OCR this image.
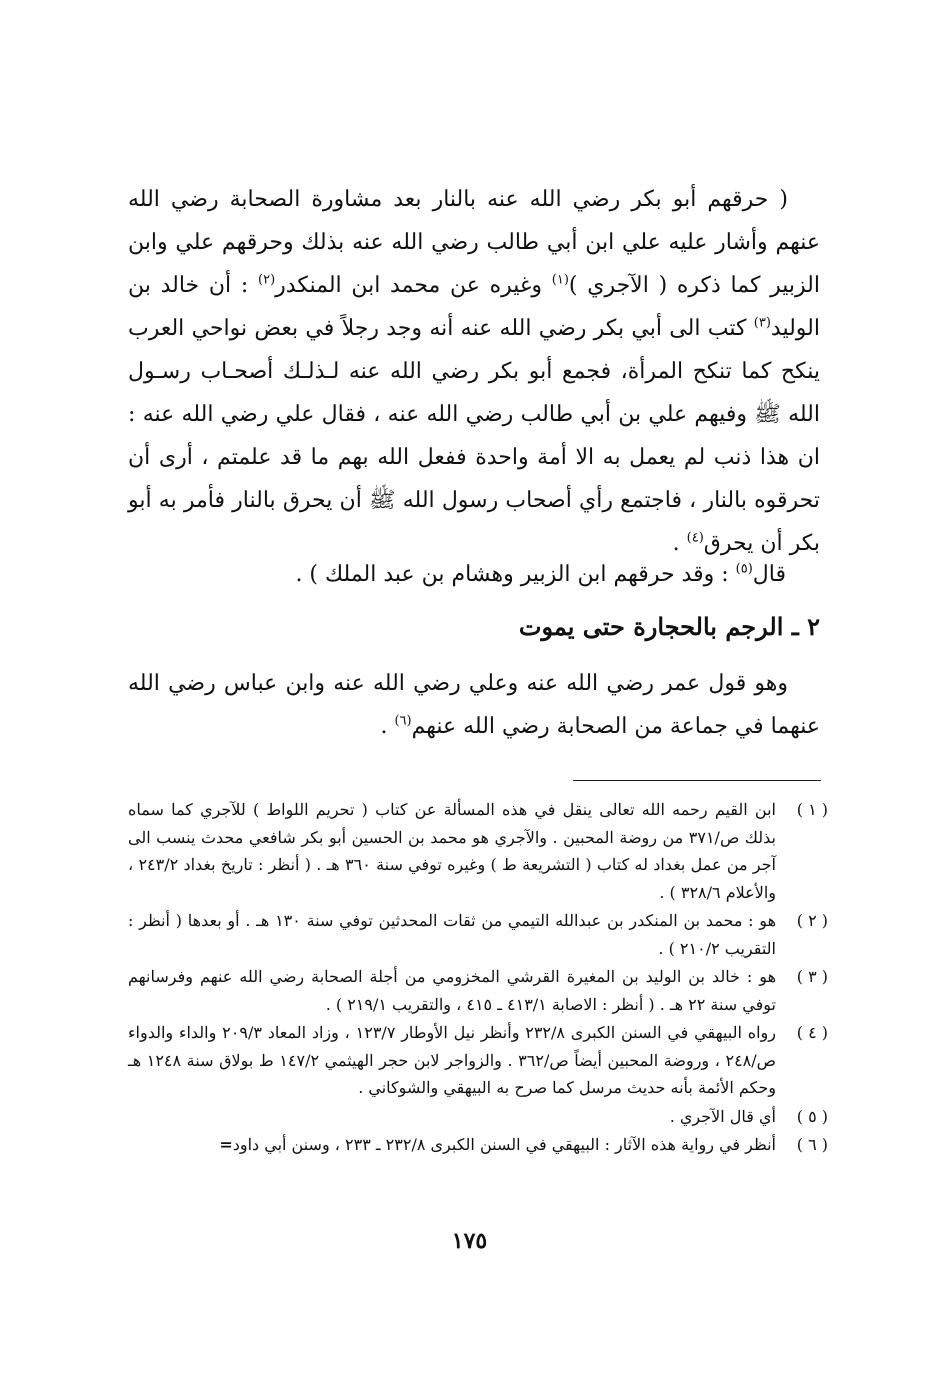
( حرقهم أبو بكر رضي الله عنه بالنار بعد مشاورة الصحابة رضي الله عنهم وأشار عليه علي ابن أبي طالب رضي الله عنه بذلك وحرقهم علي وابن الزبير كما ذكره ( الآجري )$^{(١)}$ وغيره عن محمد ابن المنكدر$^{(٢)}$ : أن خالد بن الوليد$^{(٣)}$ كتب الى أبي بكر رضي الله عنه أنه وجد رجلاً في بعض نواحي العرب ينكح كما تنكح المرأة، فجمع أبو بكر رضي الله عنه لـذلـك أصحـاب رسـول الله ﷺ وفيهم علي بن أبي طالب رضي الله عنه ، فقال علي رضي الله عنه : ان هذا ذنب لم يعمل به الا أمة واحدة ففعل الله بهم ما قد علمتم ، أرى أن تحرقوه بالنار ، فاجتمع رأي أصحاب رسول الله ﷺ أن يحرق بالنار فأمر به أبو بكر أن يحرق$^{(٤)}$ .

قال$^{(٥)}$ : وقد حرقهم ابن الزبير وهشام بن عبد الملك ) .

٢ ـ الرجم بالحجارة حتى يموت

وهو قول عمر رضي الله عنه وعلي رضي الله عنه وابن عباس رضي الله عنهما في جماعة من الصحابة رضي الله عنهم$^{(٦)}$ .

( ١ )
ابن القيم رحمه الله تعالى ينقل في هذه المسألة عن كتاب ( تحريم اللواط ) للآجري كما سماه بذلك ص/٣٧١ من روضة المحبين . والآجري هو محمد بن الحسين أبو بكر شافعي محدث ينسب الى آجر من عمل بغداد له كتاب ( التشريعة ط ) وغيره توفي سنة ٣٦٠ هـ . ( أنظر : تاريخ بغداد ٢٤٣/٢ ، والأعلام ٣٢٨/٦ ) .
( ٢ )
هو : محمد بن المنكدر بن عبدالله التيمي من ثقات المحدثين توفي سنة ١٣٠ هـ . أو بعدها ( أنظر : التقريب ٢١٠/٢ ) .
( ٣ )
هو : خالد بن الوليد بن المغيرة القرشي المخزومي من أجلة الصحابة رضي الله عنهم وفرسانهم توفي سنة ٢٢ هـ . ( أنظر : الاصابة ٤١٣/١ ـ ٤١٥ ، والتقريب ٢١٩/١ ) .
( ٤ )
رواه البيهقي في السنن الكبرى ٢٣٢/٨ وأنظر نيل الأوطار ١٢٣/٧ ، وزاد المعاد ٢٠٩/٣ والداء والدواء ص/٢٤٨ ، وروضة المحبين أيضاً ص/٣٦٢ . والزواجر لابن حجر الهيثمي ١٤٧/٢ ط بولاق سنة ١٢٤٨ هـ وحكم الأئمة بأنه حديث مرسل كما صرح به البيهقي والشوكاني .
( ٥ )
أي قال الآجري .
( ٦ )
أنظر في رواية هذه الآثار : البيهقي في السنن الكبرى ٢٣٢/٨ ـ ٢٣٣ ، وسنن أبي داود=
١٧٥
